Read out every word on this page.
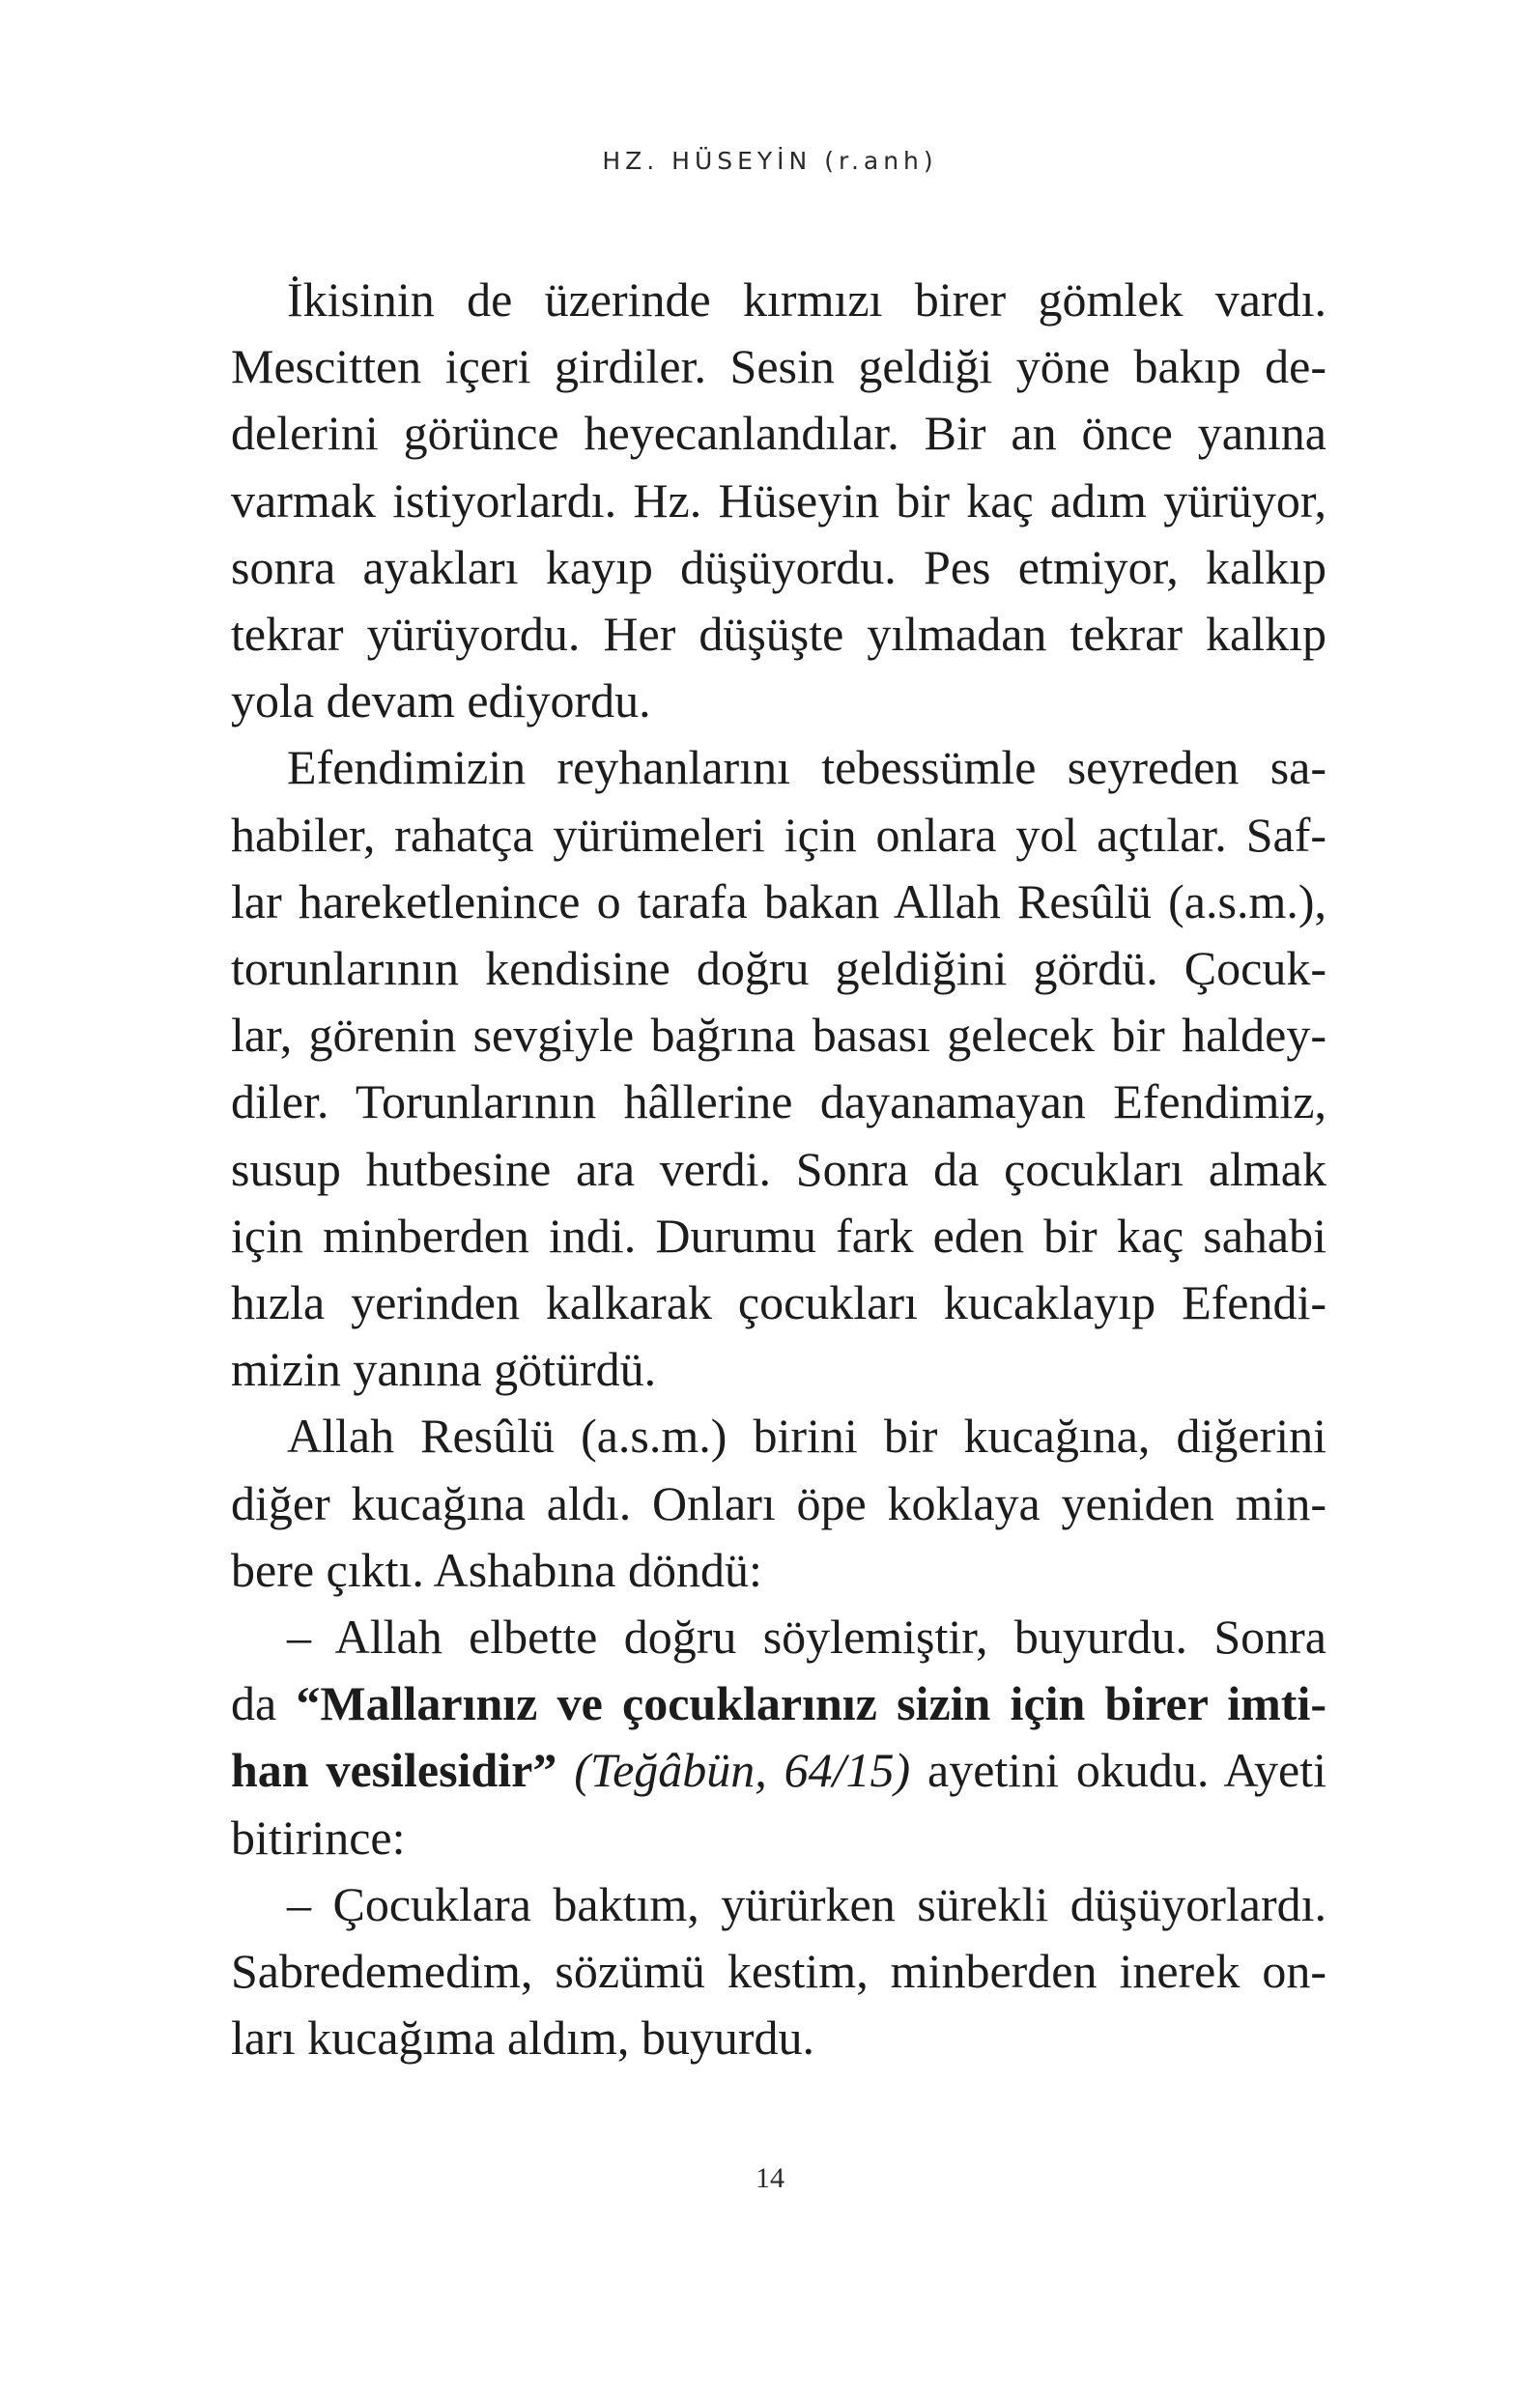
HZ. HÜSEYİN (r.anh)
İkisinin de üzerinde kırmızı birer gömlek vardı.
Mescitten içeri girdiler. Sesin geldiği yöne bakıp de-
delerini görünce heyecanlandılar. Bir an önce yanına
varmak istiyorlardı. Hz. Hüseyin bir kaç adım yürüyor,
sonra ayakları kayıp düşüyordu. Pes etmiyor, kalkıp
tekrar yürüyordu. Her düşüşte yılmadan tekrar kalkıp
yola devam ediyordu.
Efendimizin reyhanlarını tebessümle seyreden sa-
habiler, rahatça yürümeleri için onlara yol açtılar. Saf-
lar hareketlenince o tarafa bakan Allah Resûlü (a.s.m.),
torunlarının kendisine doğru geldiğini gördü. Çocuk-
lar, görenin sevgiyle bağrına basası gelecek bir haldey-
diler. Torunlarının hâllerine dayanamayan Efendimiz,
susup hutbesine ara verdi. Sonra da çocukları almak
için minberden indi. Durumu fark eden bir kaç sahabi
hızla yerinden kalkarak çocukları kucaklayıp Efendi-
mizin yanına götürdü.
Allah Resûlü (a.s.m.) birini bir kucağına, diğerini
diğer kucağına aldı. Onları öpe koklaya yeniden min-
bere çıktı. Ashabına döndü:
– Allah elbette doğru söylemiştir, buyurdu. Sonra
da “Mallarınız ve çocuklarınız sizin için birer imti-
han vesilesidir” (Teğâbün, 64/15) ayetini okudu. Ayeti
bitirince:
– Çocuklara baktım, yürürken sürekli düşüyorlardı.
Sabredemedim, sözümü kestim, minberden inerek on-
ları kucağıma aldım, buyurdu.
14
